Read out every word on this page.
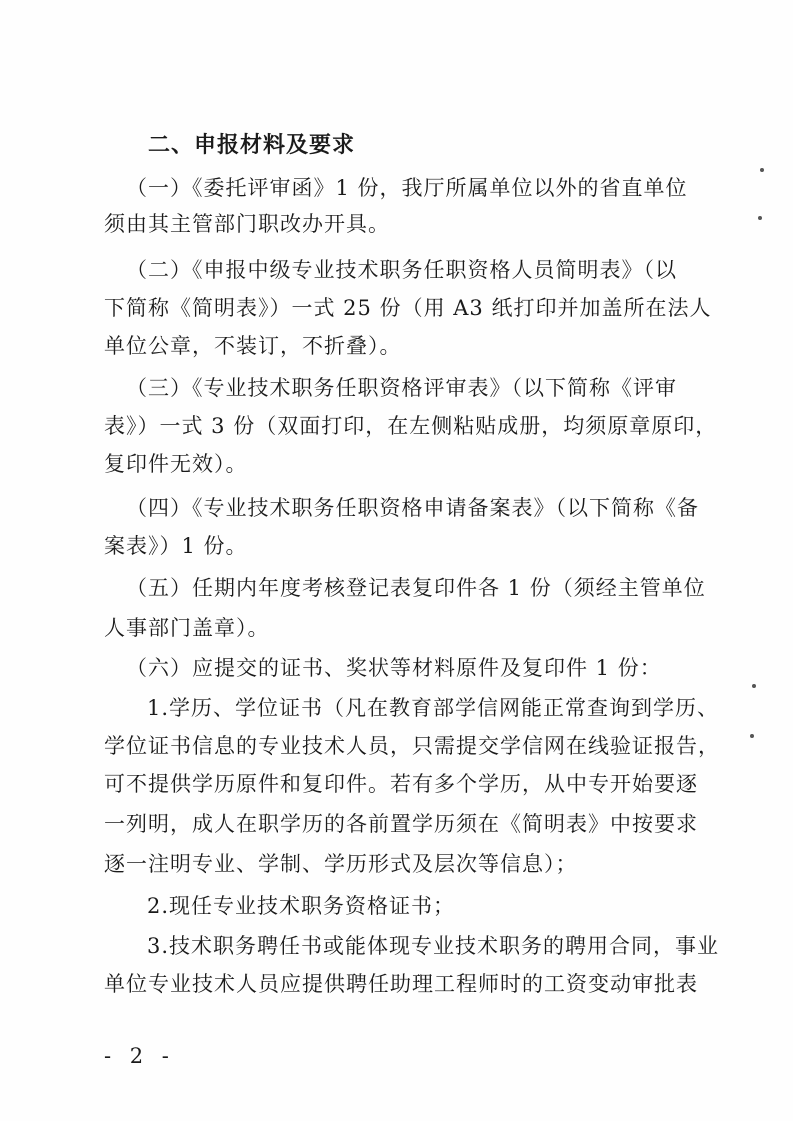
二、申报材料及要求
（一）《委托评审函》1 份，我厅所属单位以外的省直单位
须由其主管部门职改办开具。
（二）《申报中级专业技术职务任职资格人员简明表》（以
下简称《简明表》）一式 25 份（用 A3 纸打印并加盖所在法人
单位公章，不装订，不折叠）。
（三）《专业技术职务任职资格评审表》（以下简称《评审
表》）一式 3 份（双面打印，在左侧粘贴成册，均须原章原印，
复印件无效）。
（四）《专业技术职务任职资格申请备案表》（以下简称《备
案表》）1 份。
（五）任期内年度考核登记表复印件各 1 份（须经主管单位
人事部门盖章）。
（六）应提交的证书、奖状等材料原件及复印件 1 份：
1.学历、学位证书（凡在教育部学信网能正常查询到学历、
学位证书信息的专业技术人员，只需提交学信网在线验证报告，
可不提供学历原件和复印件。若有多个学历，从中专开始要逐
一列明，成人在职学历的各前置学历须在《简明表》中按要求
逐一注明专业、学制、学历形式及层次等信息）；
2.现任专业技术职务资格证书；
3.技术职务聘任书或能体现专业技术职务的聘用合同，事业
单位专业技术人员应提供聘任助理工程师时的工资变动审批表
- 2 -
